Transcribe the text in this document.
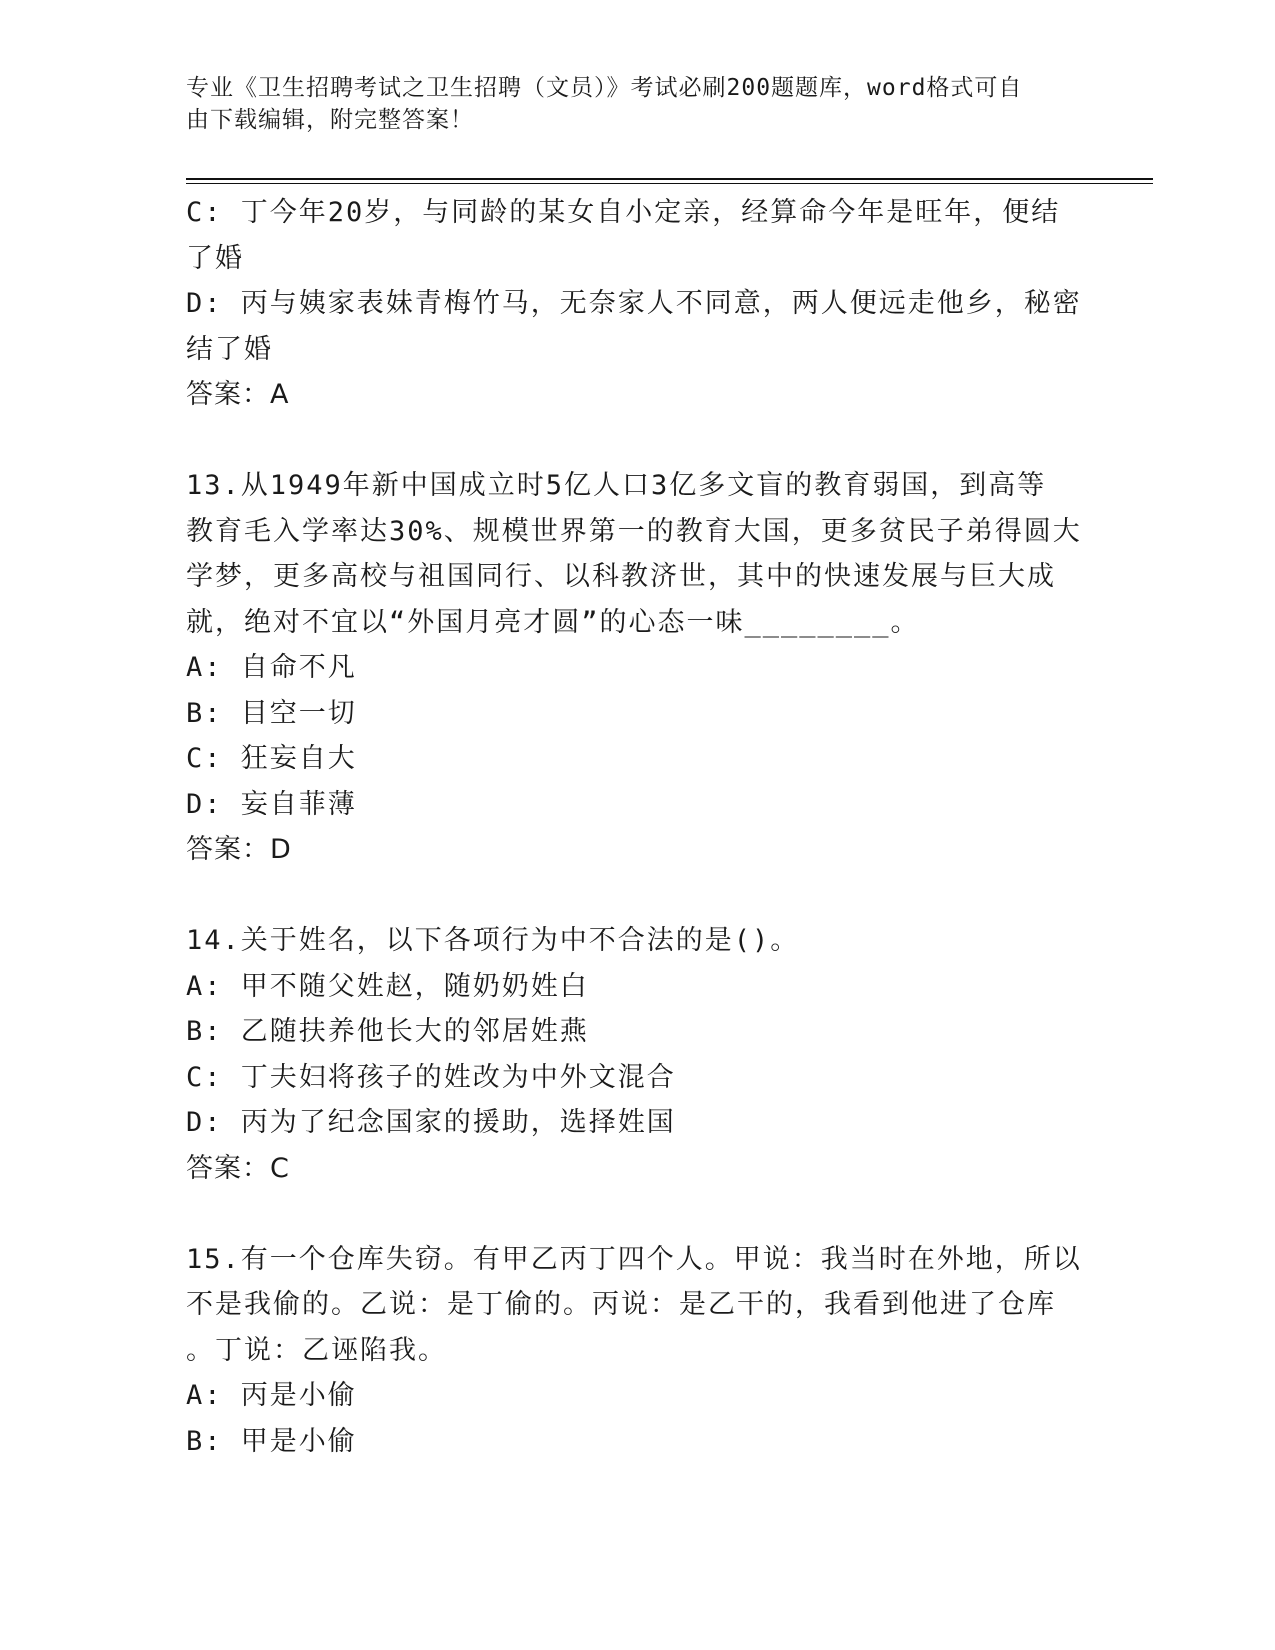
专业《卫生招聘考试之卫生招聘（文员）》考试必刷200题题库，word格式可自
由下载编辑，附完整答案！
C: 丁今年20岁，与同龄的某女自小定亲，经算命今年是旺年，便结
了婚
D: 丙与姨家表妹青梅竹马，无奈家人不同意，两人便远走他乡，秘密
结了婚
答案：A
13.从1949年新中国成立时5亿人口3亿多文盲的教育弱国，到高等
教育毛入学率达30%、规模世界第一的教育大国，更多贫民子弟得圆大
学梦，更多高校与祖国同行、以科教济世，其中的快速发展与巨大成
就，绝对不宜以“外国月亮才圆”的心态一味________。
A: 自命不凡
B: 目空一切
C: 狂妄自大
D: 妄自菲薄
答案：D
14.关于姓名，以下各项行为中不合法的是()。
A: 甲不随父姓赵，随奶奶姓白
B: 乙随扶养他长大的邻居姓燕
C: 丁夫妇将孩子的姓改为中外文混合
D: 丙为了纪念国家的援助，选择姓国
答案：C
15.有一个仓库失窃。有甲乙丙丁四个人。甲说：我当时在外地，所以
不是我偷的。乙说：是丁偷的。丙说：是乙干的，我看到他进了仓库
。丁说：乙诬陷我。
A: 丙是小偷
B: 甲是小偷
